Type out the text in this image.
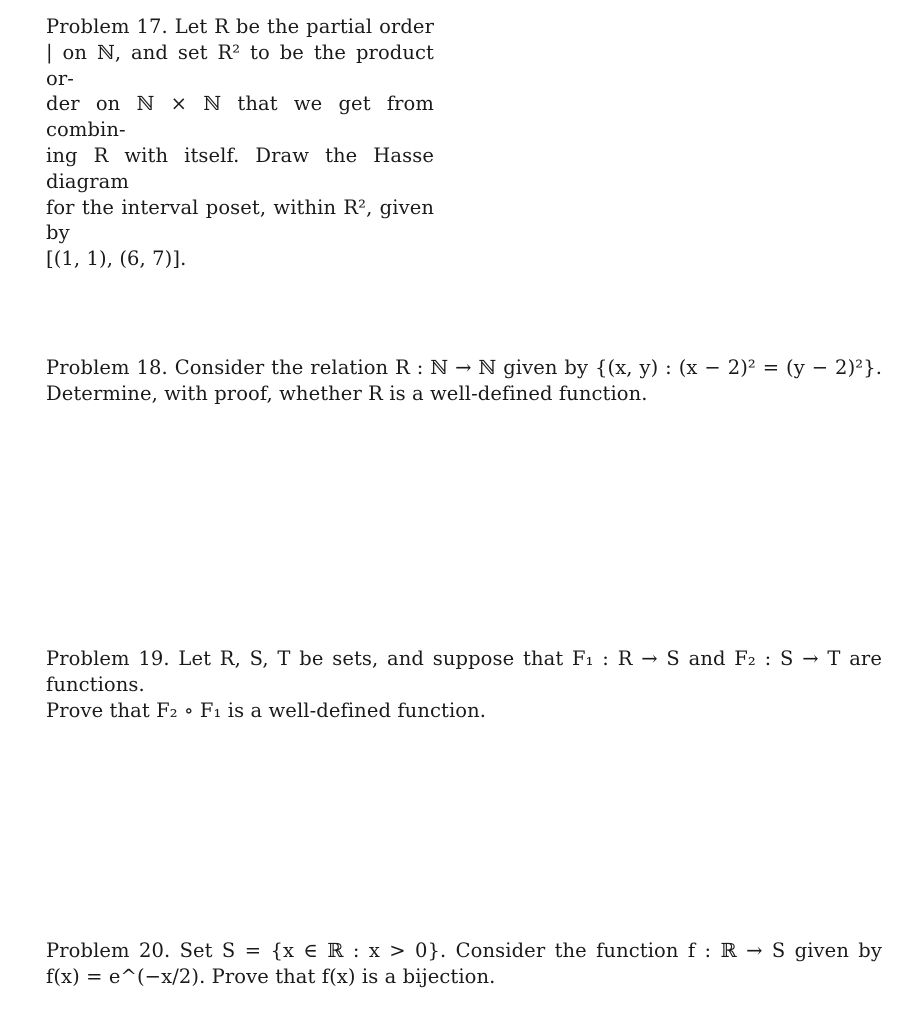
Problem 17. Let R be the partial order
| on ℕ, and set R² to be the product or-
der on ℕ × ℕ that we get from combin-
ing R with itself. Draw the Hasse diagram
for the interval poset, within R², given by
[(1, 1), (6, 7)].
Problem 18. Consider the relation R : ℕ → ℕ given by {(x, y) : (x − 2)² = (y − 2)²}.
Determine, with proof, whether R is a well-defined function.
Problem 19. Let R, S, T be sets, and suppose that F₁ : R → S and F₂ : S → T are functions.
Prove that F₂ ∘ F₁ is a well-defined function.
Problem 20. Set S = {x ∈ ℝ : x > 0}. Consider the function f : ℝ → S given by
f(x) = e^(−x/2). Prove that f(x) is a bijection.
